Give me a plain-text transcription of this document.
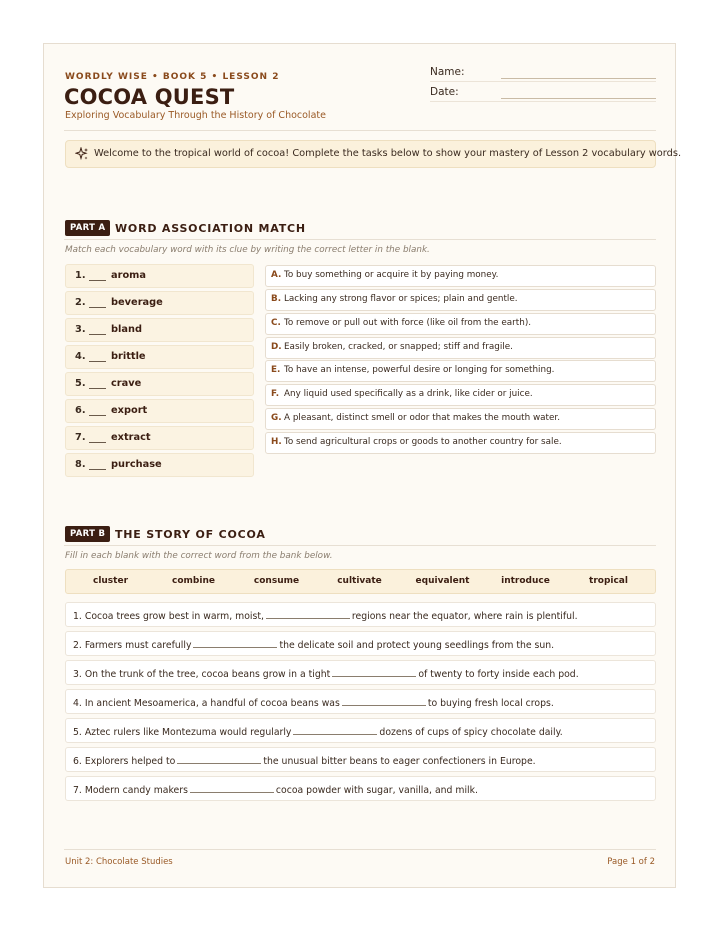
WORDLY WISE • BOOK 5 • LESSON 2
COCOA QUEST
Exploring Vocabulary Through the History of Chocolate
Name:
Date:
Welcome to the tropical world of cocoa! Complete the tasks below to show your mastery of Lesson 2 vocabulary words.
PART A WORD ASSOCIATION MATCH
Match each vocabulary word with its clue by writing the correct letter in the blank.
1.	aroma
2.	beverage
3.	bland
4.	brittle
5.	crave
6.	export
7.	extract
8.	purchase
A. To buy something or acquire it by paying money.
B. Lacking any strong flavor or spices; plain and gentle.
C. To remove or pull out with force (like oil from the earth).
D. Easily broken, cracked, or snapped; stiff and fragile.
E. To have an intense, powerful desire or longing for something.
F. Any liquid used specifically as a drink, like cider or juice.
G. A pleasant, distinct smell or odor that makes the mouth water.
H. To send agricultural crops or goods to another country for sale.
PART B THE STORY OF COCOA
Fill in each blank with the correct word from the bank below.
cluster	combine	consume	cultivate	equivalent	introduce	tropical
1. Cocoa trees grow best in warm, moist,	regions near the equator, where rain is plentiful.
2. Farmers must carefully	the delicate soil and protect young seedlings from the sun.
3. On the trunk of the tree, cocoa beans grow in a tight	of twenty to forty inside each pod.
4. In ancient Mesoamerica, a handful of cocoa beans was	to buying fresh local crops.
5. Aztec rulers like Montezuma would regularly	dozens of cups of spicy chocolate daily.
6. Explorers helped to	the unusual bitter beans to eager confectioners in Europe.
7. Modern candy makers	cocoa powder with sugar, vanilla, and milk.
Unit 2: Chocolate Studies	Page 1 of 2
